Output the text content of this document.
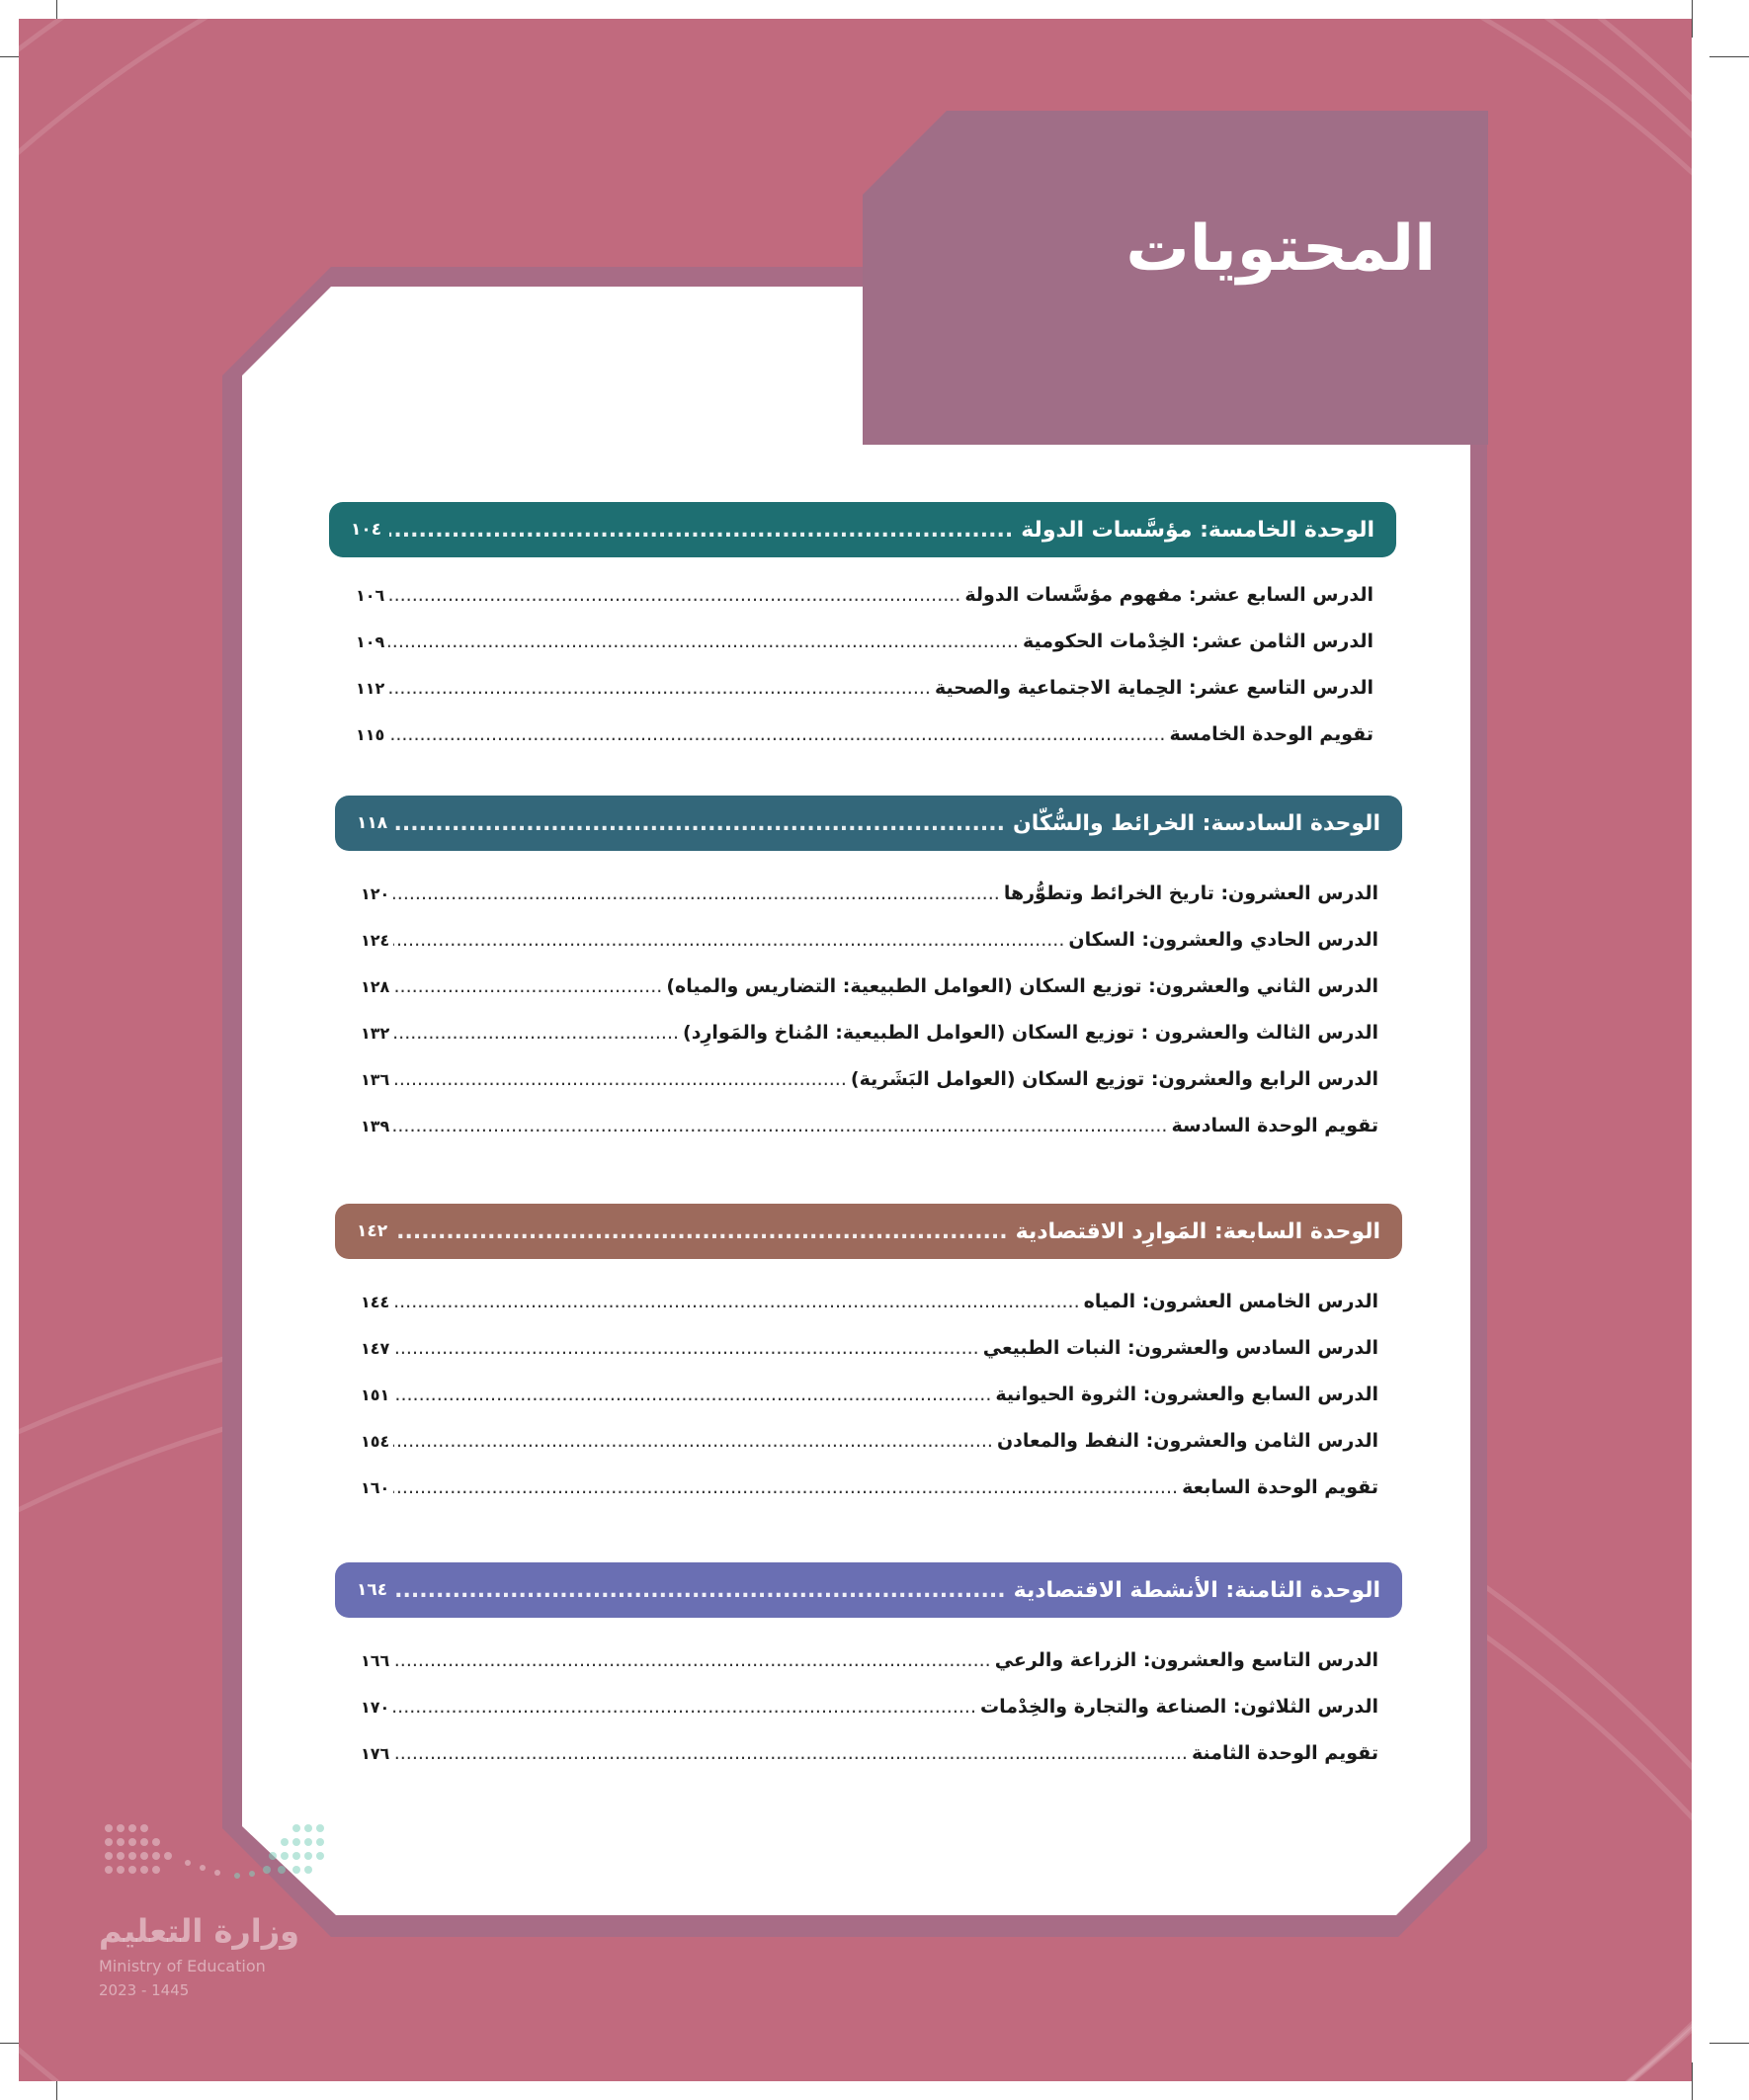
المحتويات
الوحدة الخامسة: مؤسَّسات الدولة
.....
١٠٤
الدرس السابع عشر: مفهوم مؤسَّسات الدولة
.....
١٠٦
الدرس الثامن عشر: الخِدْمات الحكومية
.....
١٠٩
الدرس التاسع عشر: الحِماية الاجتماعية والصحية
.....
١١٢
تقويم الوحدة الخامسة
.....
١١٥
الوحدة السادسة: الخرائط والسُّكّان
.....
١١٨
الدرس العشرون: تاريخ الخرائط وتطوُّرها
.....
١٢٠
الدرس الحادي والعشرون: السكان
.....
١٢٤
الدرس الثاني والعشرون: توزيع السكان (العوامل الطبيعية: التضاريس والمياه)
.....
١٢٨
الدرس الثالث والعشرون : توزيع السكان (العوامل الطبيعية: المُناخ والمَوارِد)
.....
١٣٢
الدرس الرابع والعشرون: توزيع السكان (العوامل البَشَرية)
.....
١٣٦
تقويم الوحدة السادسة
.....
١٣٩
الوحدة السابعة: المَوارِد الاقتصادية
.....
١٤٢
الدرس الخامس العشرون: المياه
.....
١٤٤
الدرس السادس والعشرون: النبات الطبيعي
.....
١٤٧
الدرس السابع والعشرون: الثروة الحيوانية
.....
١٥١
الدرس الثامن والعشرون: النفط والمعادن
.....
١٥٤
تقويم الوحدة السابعة
.....
١٦٠
الوحدة الثامنة: الأنشطة الاقتصادية
.....
١٦٤
الدرس التاسع والعشرون: الزراعة والرعي
.....
١٦٦
الدرس الثلاثون: الصناعة والتجارة والخِدْمات
.....
١٧٠
تقويم الوحدة الثامنة
.....
١٧٦
وزارة التعليم
Ministry of Education
2023 - 1445
